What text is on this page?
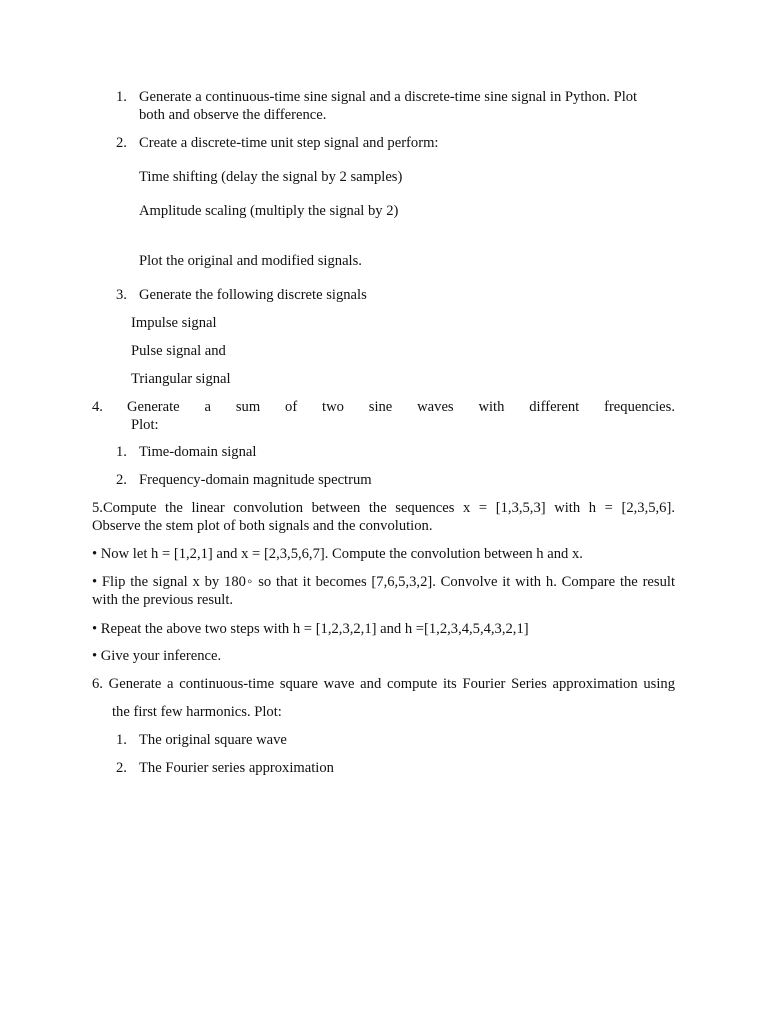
1. Generate a continuous-time sine signal and a discrete-time sine signal in Python. Plot
both and observe the difference.
2. Create a discrete-time unit step signal and perform:
Time shifting (delay the signal by 2 samples)
Amplitude scaling (multiply the signal by 2)
Plot the original and modified signals.
3. Generate the following discrete signals
Impulse signal
Pulse signal and
Triangular signal
4. Generate a sum of two sine waves with different frequencies.
Plot:
1. Time-domain signal
2. Frequency-domain magnitude spectrum
5.Compute the linear convolution between the sequences x = [1,3,5,3] with h = [2,3,5,6].
Observe the stem plot of both signals and the convolution.
• Now let h = [1,2,1] and x = [2,3,5,6,7]. Compute the convolution between h and x.
• Flip the signal x by 180◦ so that it becomes [7,6,5,3,2]. Convolve it with h. Compare the result
with the previous result.
• Repeat the above two steps with h = [1,2,3,2,1] and h =[1,2,3,4,5,4,3,2,1]
• Give your inference.
6. Generate a continuous-time square wave and compute its Fourier Series approximation using
the first few harmonics. Plot:
1. The original square wave
2. The Fourier series approximation
